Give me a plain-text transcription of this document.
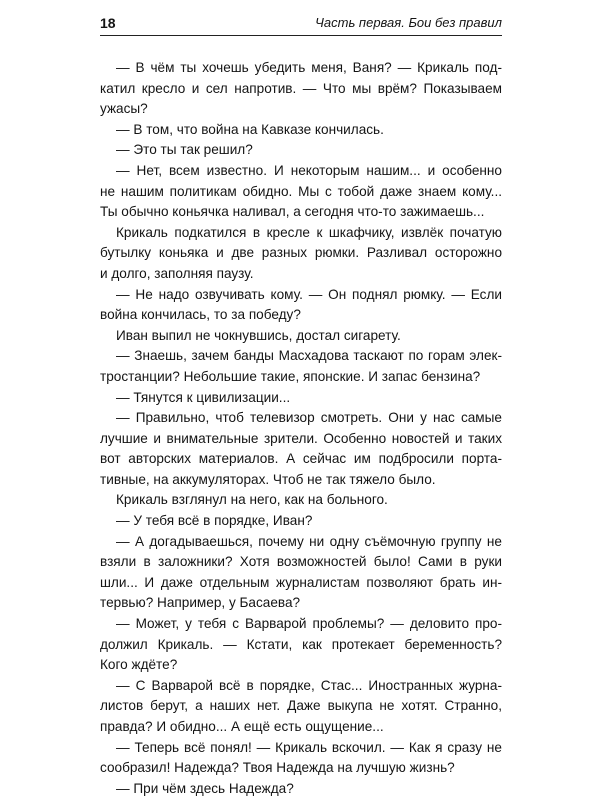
18	Часть первая. Бои без правил
— В чём ты хочешь убедить меня, Ваня? — Крикаль под-
катил кресло и сел напротив. — Что мы врём? Показываем
ужасы?
— В том, что война на Кавказе кончилась.
— Это ты так решил?
— Нет, всем известно. И некоторым нашим... и особенно
не нашим политикам обидно. Мы с тобой даже знаем кому...
Ты обычно коньячка наливал, а сегодня что-то зажимаешь...
Крикаль подкатился в кресле к шкафчику, извлёк початую
бутылку коньяка и две разных рюмки. Разливал осторожно
и долго, заполняя паузу.
— Не надо озвучивать кому. — Он поднял рюмку. — Если
война кончилась, то за победу?
Иван выпил не чокнувшись, достал сигарету.
— Знаешь, зачем банды Масхадова таскают по горам элек-
тростанции? Небольшие такие, японские. И запас бензина?
— Тянутся к цивилизации...
— Правильно, чтоб телевизор смотреть. Они у нас самые
лучшие и внимательные зрители. Особенно новостей и таких
вот авторских материалов. А сейчас им подбросили порта-
тивные, на аккумуляторах. Чтоб не так тяжело было.
Крикаль взглянул на него, как на больного.
— У тебя всё в порядке, Иван?
— А догадываешься, почему ни одну съёмочную группу не
взяли в заложники? Хотя возможностей было! Сами в руки
шли... И даже отдельным журналистам позволяют брать ин-
тервью? Например, у Басаева?
— Может, у тебя с Варварой проблемы? — деловито про-
должил Крикаль. — Кстати, как протекает беременность?
Кого ждёте?
— С Варварой всё в порядке, Стас... Иностранных журна-
листов берут, а наших нет. Даже выкупа не хотят. Странно,
правда? И обидно... А ещё есть ощущение...
— Теперь всё понял! — Крикаль вскочил. — Как я сразу не
сообразил! Надежда? Твоя Надежда на лучшую жизнь?
— При чём здесь Надежда?
